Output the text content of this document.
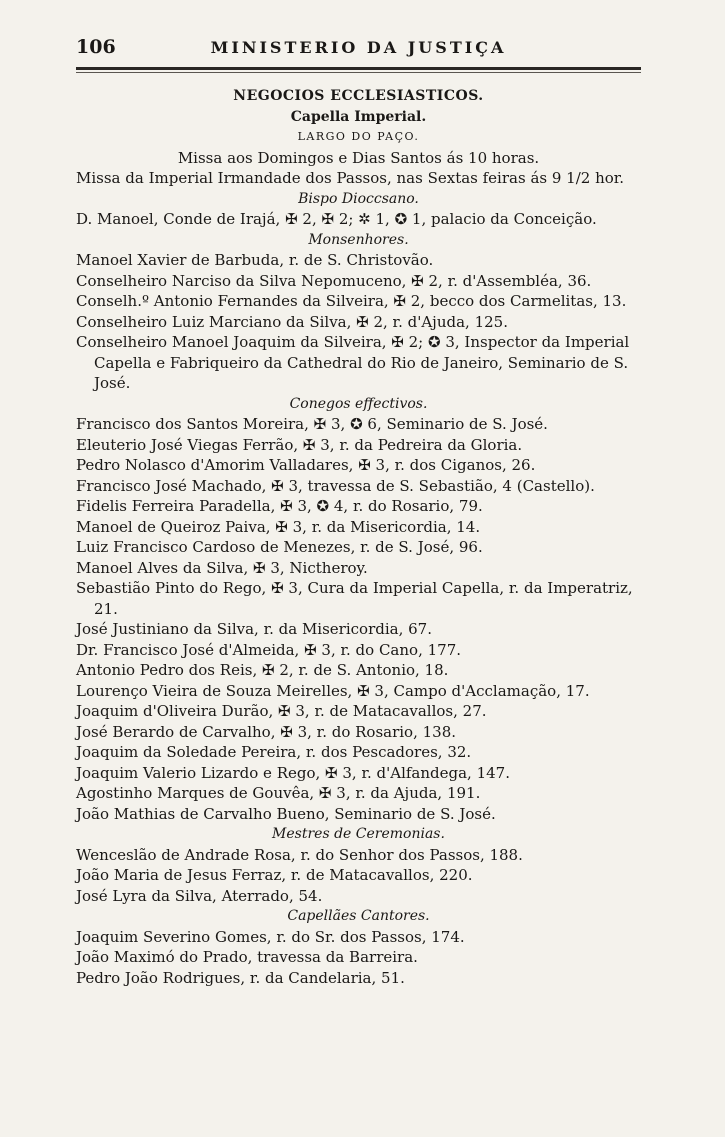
106	MINISTERIO DA JUSTIÇA
NEGOCIOS ECCLESIASTICOS.
Capella Imperial.
LARGO DO PAÇO.
Missa aos Domingos e Dias Santos ás 10 horas.
Missa da Imperial Irmandade dos Passos, nas Sextas feiras ás 9 1/2 hor.
Bispo Dioccsano.
D. Manoel, Conde de Irajá, ✠ 2, ✠ 2; ✲ 1, ✪ 1, palacio da Conceição.
Monsenhores.
Manoel Xavier de Barbuda, r. de S. Christovão.
Conselheiro Narciso da Silva Nepomuceno, ✠ 2, r. d'Assembléa, 36.
Conselh.º Antonio Fernandes da Silveira, ✠ 2, becco dos Carmelitas, 13.
Conselheiro Luiz Marciano da Silva, ✠ 2, r. d'Ajuda, 125.
Conselheiro Manoel Joaquim da Silveira, ✠ 2; ✪ 3, Inspector da Imperial Capella e Fabriqueiro da Cathedral do Rio de Janeiro, Seminario de S. José.
Conegos effectivos.
Francisco dos Santos Moreira, ✠ 3, ✪ 6, Seminario de S. José.
Eleuterio José Viegas Ferrão, ✠ 3, r. da Pedreira da Gloria.
Pedro Nolasco d'Amorim Valladares, ✠ 3, r. dos Ciganos, 26.
Francisco José Machado, ✠ 3, travessa de S. Sebastião, 4 (Castello).
Fidelis Ferreira Paradella, ✠ 3, ✪ 4, r. do Rosario, 79.
Manoel de Queiroz Paiva, ✠ 3, r. da Misericordia, 14.
Luiz Francisco Cardoso de Menezes, r. de S. José, 96.
Manoel Alves da Silva, ✠ 3, Nictheroy.
Sebastião Pinto do Rego, ✠ 3, Cura da Imperial Capella, r. da Imperatriz, 21.
José Justiniano da Silva, r. da Misericordia, 67.
Dr. Francisco José d'Almeida, ✠ 3, r. do Cano, 177.
Antonio Pedro dos Reis, ✠ 2, r. de S. Antonio, 18.
Lourenço Vieira de Souza Meirelles, ✠ 3, Campo d'Acclamação, 17.
Joaquim d'Oliveira Durão, ✠ 3, r. de Matacavallos, 27.
José Berardo de Carvalho, ✠ 3, r. do Rosario, 138.
Joaquim da Soledade Pereira, r. dos Pescadores, 32.
Joaquim Valerio Lizardo e Rego, ✠ 3, r. d'Alfandega, 147.
Agostinho Marques de Gouvêa, ✠ 3, r. da Ajuda, 191.
João Mathias de Carvalho Bueno, Seminario de S. José.
Mestres de Ceremonias.
Wenceslão de Andrade Rosa, r. do Senhor dos Passos, 188.
João Maria de Jesus Ferraz, r. de Matacavallos, 220.
José Lyra da Silva, Aterrado, 54.
Capellães Cantores.
Joaquim Severino Gomes, r. do Sr. dos Passos, 174.
João Maximó do Prado, travessa da Barreira.
Pedro João Rodrigues, r. da Candelaria, 51.
